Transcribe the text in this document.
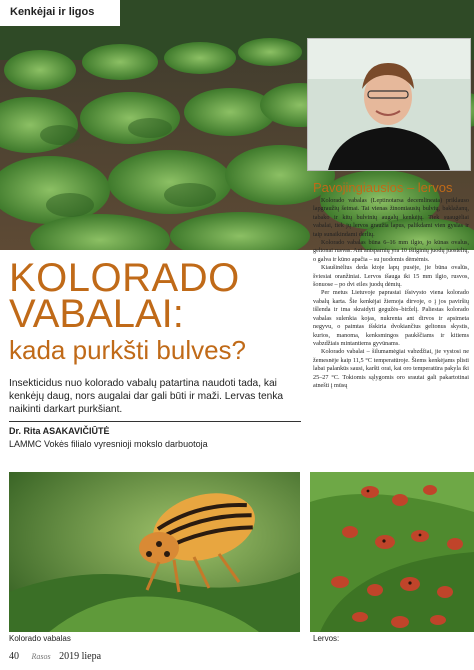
Kenkėjai ir ligos
Pavojingiausios – lervos

Kolorado vabalas (Leptinotarsa decemlineata) priklauso lapgraužių šeimai. Tai vienas žinomiausių bulvių, baklažanų, tabako ir kitų bulvinių augalų kenkėjų. Tiek suaugėliai vabalai, tiek jų lervos graužia lapus, palikdami vien gyslas ir taip sunaikindami derlių.

Kolorado vabalas būna 6–16 mm ilgio, jo kūnas ovalus, geltonai rusvas. Ant antsparnių yra 10 išilginių juodų juostelių, o galva ir kūno apačia – su juodomis dėmėmis.

Kiaušinėlius deda ktoje lapų pusėje, jie būna ovalūs, šviesiai oranžiniai. Lervos išauga iki 15 mm ilgio, rusvos, šonuose – po dvi eiles juodų dėmių.

Per metus Lietuvoje paprastai išsivysto viena kolorado vabalų karta. Šie kenkėjai žiemoja dirvoje, o į jos paviršių išlenda ir ima skraidyti gegužės–birželį. Paliestas kolorado vabalas sulenkia kojas, nukrenta ant dirvos ir apsimeta negyvu, o paimtas išskiria dvokiančius geltonus skystis, kurios, manoma, kenksmingos paukščiams ir kitiems vabzdžiais mintantiems gyvūnams.

Kolorado vabalai – šilumamėgiai vabzdžiai, jie vystosi ne žemesnėje kaip 11,5 °C temperatūroje. Šiems kenkėjams plisti labai palankūs sausi, karšti orai, kai oro temperatūra pakyla iki 25–27 °C. Tokiomis sąlygomis oro srautai gali pakartotinai atnešti į mūsų

KOLORADO
VABALAI:
kada purkšti bulves?
Insekticidus nuo kolorado vabalų patartina naudoti tada, kai kenkėjų daug, nors augalai dar gali būti ir maži. Lervas tenka naikinti darkart purkšiant.
Dr. Rita ASAKAVIČIŪTĖ
LAMMC Vokės filialo vyresnioji mokslo darbuotoja
Kolorado vabalas	Lervos:
40 Rasos 2019 liepa
